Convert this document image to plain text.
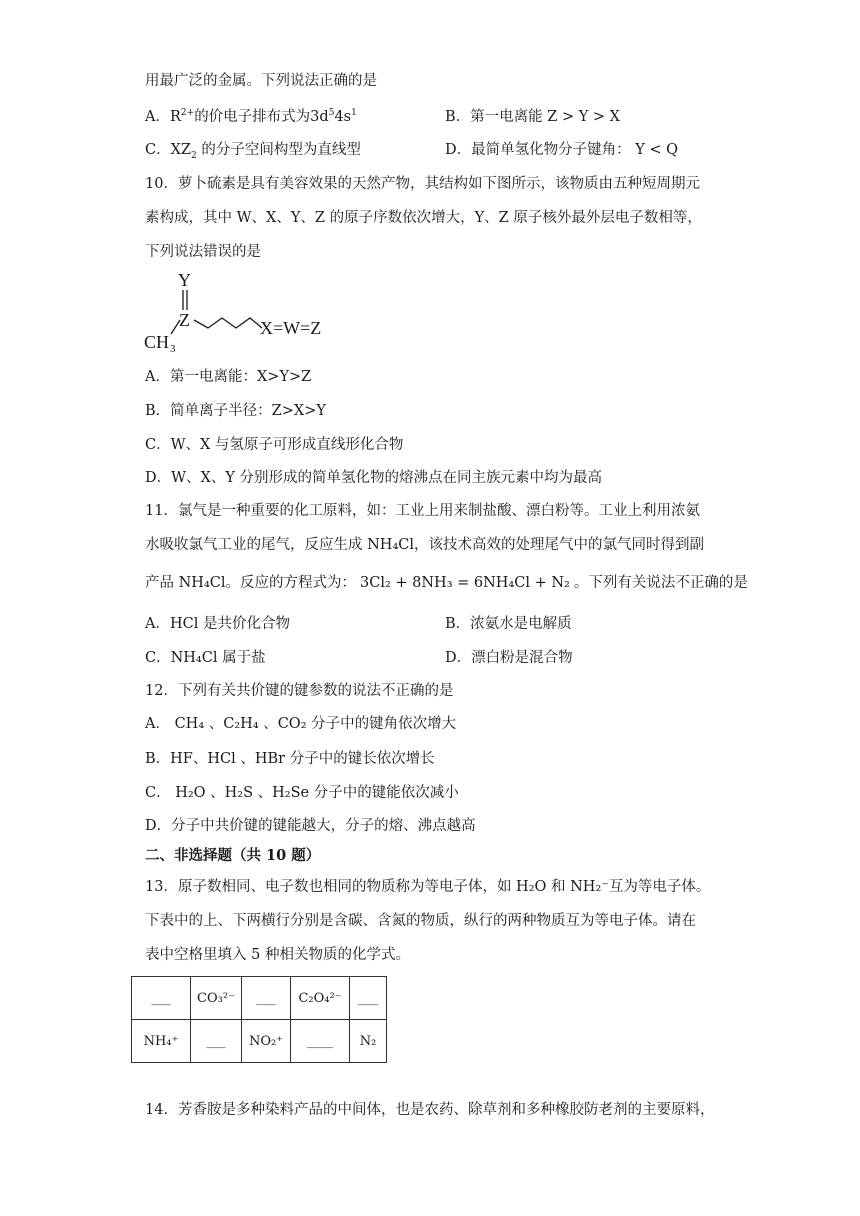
用最广泛的金属。下列说法正确的是
A．$R^{2+}$的价电子排布式为$3d^54s^1$	B．第一电离能 Z > Y > X
C．$XZ_2$ 的分子空间构型为直线型	D．最简单氢化物分子键角： Y < Q
10．萝卜硫素是具有美容效果的天然产物，其结构如下图所示，该物质由五种短周期元
素构成，其中 W、X、Y、Z 的原子序数依次增大，Y、Z 原子核外最外层电子数相等，
下列说法错误的是
Y
Z
CH 3
X=W=Z
A．第一电离能：X>Y>Z
B．简单离子半径：Z>X>Y
C．W、X 与氢原子可形成直线形化合物
D．W、X、Y 分别形成的简单氢化物的熔沸点在同主族元素中均为最高
11．氯气是一种重要的化工原料，如：工业上用来制盐酸、漂白粉等。工业上利用浓氨
水吸收氯气工业的尾气，反应生成 NH₄Cl，该技术高效的处理尾气中的氯气同时得到副
产品 NH₄Cl。反应的方程式为： 3Cl₂ + 8NH₃ = 6NH₄Cl + N₂ 。下列有关说法不正确的是
A．HCl 是共价化合物	B．浓氨水是电解质
C．NH₄Cl 属于盐	D．漂白粉是混合物
12．下列有关共价键的键参数的说法不正确的是
A． CH₄ 、C₂H₄ 、CO₂ 分子中的键角依次增大
B．HF、HCl 、HBr 分子中的键长依次增长
C． H₂O 、H₂S 、H₂Se 分子中的键能依次减小
D．分子中共价键的键能越大，分子的熔、沸点越高
二、非选择题（共 10 题）
13．原子数相同、电子数也相同的物质称为等电子体，如 H₂O 和 NH₂⁻互为等电子体。
下表中的上、下两横行分别是含碳、含氮的物质，纵行的两种物质互为等电子体。请在
表中空格里填入 5 种相关物质的化学式。
___	CO₃²⁻	___	C₂O₄²⁻	___
NH₄⁺	___	NO₂⁺	____	N₂
14．芳香胺是多种染料产品的中间体，也是农药、除草剂和多种橡胶防老剂的主要原料，
